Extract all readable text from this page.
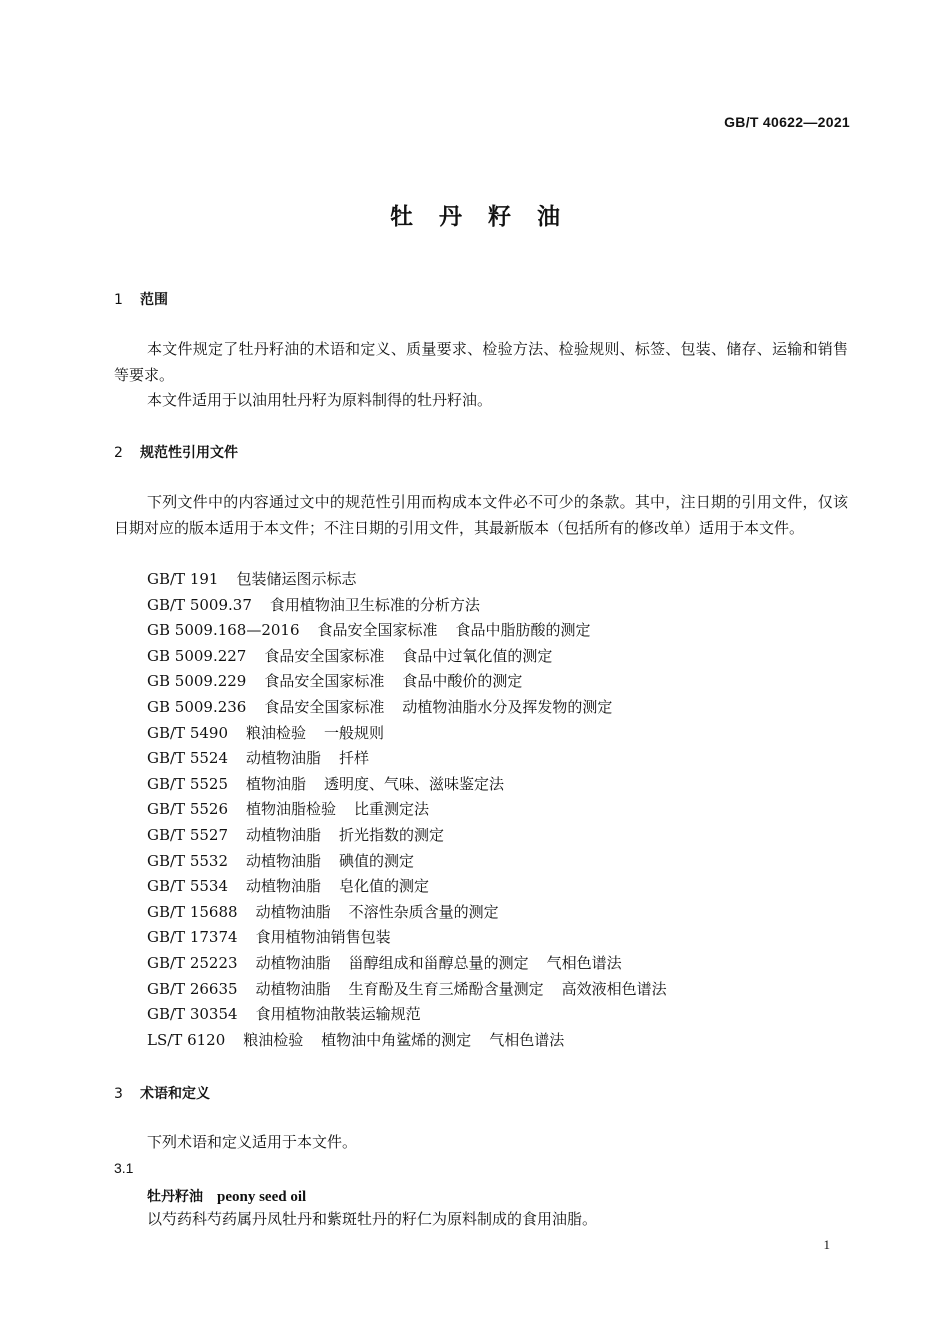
GB/T 40622—2021
牡丹籽油
1 范围
本文件规定了牡丹籽油的术语和定义、质量要求、检验方法、检验规则、标签、包装、储存、运输和销售等要求。
本文件适用于以油用牡丹籽为原料制得的牡丹籽油。
2 规范性引用文件
下列文件中的内容通过文中的规范性引用而构成本文件必不可少的条款。其中，注日期的引用文件，仅该日期对应的版本适用于本文件；不注日期的引用文件，其最新版本（包括所有的修改单）适用于本文件。
GB/T 191 包装储运图示标志
GB/T 5009.37 食用植物油卫生标准的分析方法
GB 5009.168—2016 食品安全国家标准 食品中脂肪酸的测定
GB 5009.227 食品安全国家标准 食品中过氧化值的测定
GB 5009.229 食品安全国家标准 食品中酸价的测定
GB 5009.236 食品安全国家标准 动植物油脂水分及挥发物的测定
GB/T 5490 粮油检验 一般规则
GB/T 5524 动植物油脂 扦样
GB/T 5525 植物油脂 透明度、气味、滋味鉴定法
GB/T 5526 植物油脂检验 比重测定法
GB/T 5527 动植物油脂 折光指数的测定
GB/T 5532 动植物油脂 碘值的测定
GB/T 5534 动植物油脂 皂化值的测定
GB/T 15688 动植物油脂 不溶性杂质含量的测定
GB/T 17374 食用植物油销售包装
GB/T 25223 动植物油脂 甾醇组成和甾醇总量的测定 气相色谱法
GB/T 26635 动植物油脂 生育酚及生育三烯酚含量测定 高效液相色谱法
GB/T 30354 食用植物油散装运输规范
LS/T 6120 粮油检验 植物油中角鲨烯的测定 气相色谱法
3 术语和定义
下列术语和定义适用于本文件。
3.1
牡丹籽油 peony seed oil
以芍药科芍药属丹凤牡丹和紫斑牡丹的籽仁为原料制成的食用油脂。
1
